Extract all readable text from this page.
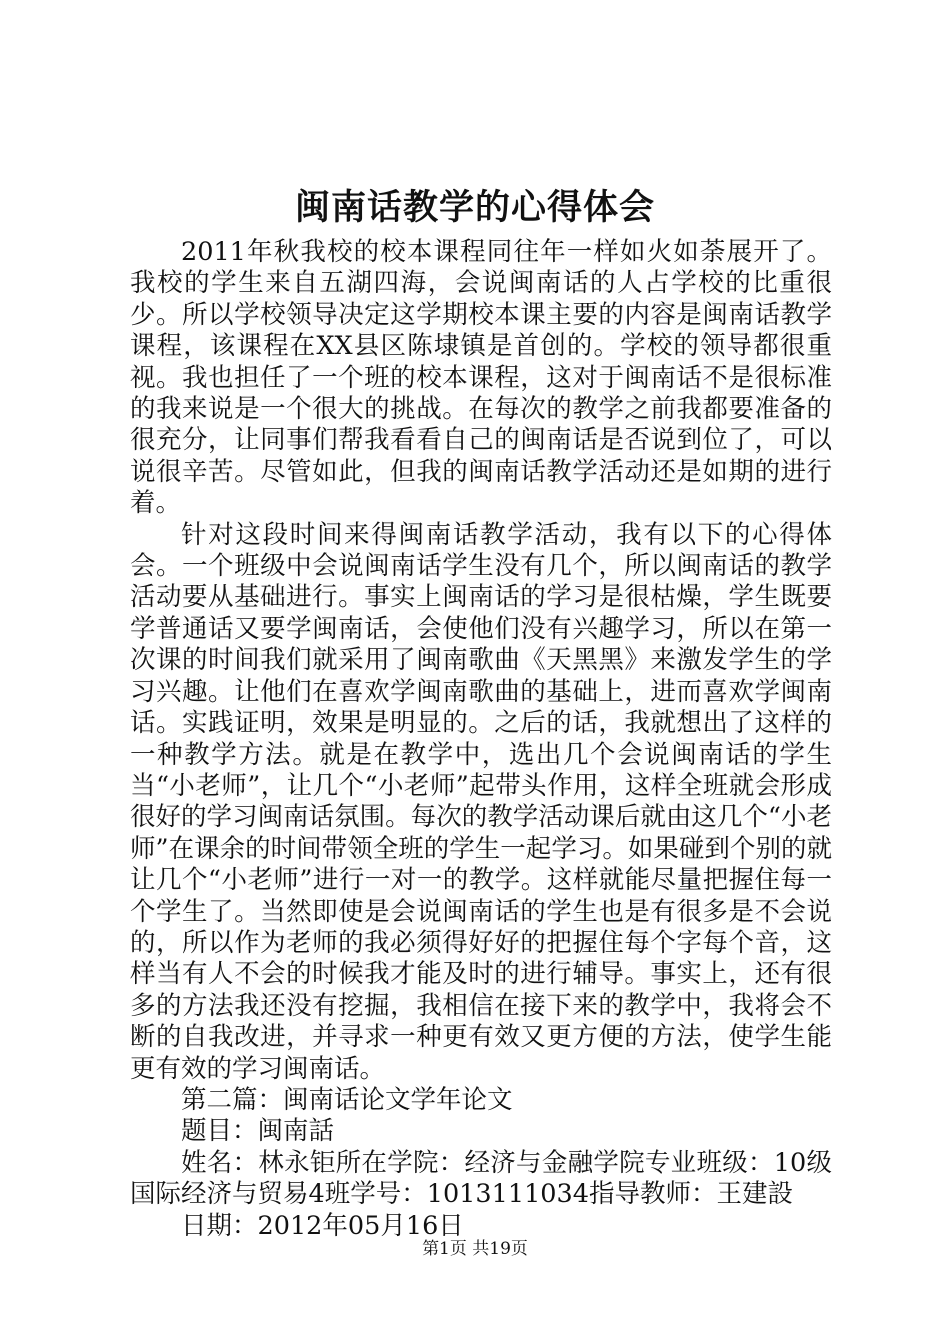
闽南话教学的心得体会

2011年秋我校的校本课程同往年一样如火如荼展开了。我校的学生来自五湖四海，会说闽南话的人占学校的比重很少。所以学校领导决定这学期校本课主要的内容是闽南话教学课程，该课程在XX县区陈埭镇是首创的。学校的领导都很重视。我也担任了一个班的校本课程，这对于闽南话不是很标准的我来说是一个很大的挑战。在每次的教学之前我都要准备的很充分，让同事们帮我看看自己的闽南话是否说到位了，可以说很辛苦。尽管如此，但我的闽南话教学活动还是如期的进行着。

针对这段时间来得闽南话教学活动，我有以下的心得体会。一个班级中会说闽南话学生没有几个，所以闽南话的教学活动要从基础进行。事实上闽南话的学习是很枯燥，学生既要学普通话又要学闽南话，会使他们没有兴趣学习，所以在第一次课的时间我们就采用了闽南歌曲《天黑黑》来激发学生的学习兴趣。让他们在喜欢学闽南歌曲的基础上，进而喜欢学闽南话。实践证明，效果是明显的。之后的话，我就想出了这样的一种教学方法。就是在教学中，选出几个会说闽南话的学生当“小老师”，让几个“小老师”起带头作用，这样全班就会形成很好的学习闽南话氛围。每次的教学活动课后就由这几个“小老师”在课余的时间带领全班的学生一起学习。如果碰到个别的就让几个“小老师”进行一对一的教学。这样就能尽量把握住每一个学生了。当然即使是会说闽南话的学生也是有很多是不会说的，所以作为老师的我必须得好好的把握住每个字每个音，这样当有人不会的时候我才能及时的进行辅导。事实上，还有很多的方法我还没有挖掘，我相信在接下来的教学中，我将会不断的自我改进，并寻求一种更有效又更方便的方法，使学生能更有效的学习闽南话。

第二篇：闽南话论文学年论文

题目：闽南話

姓名：林永钜所在学院：经济与金融学院专业班级：10级国际经济与贸易4班学号：1013111034指导教师：王建設

日期：2012年05月16日

第1页 共19页
